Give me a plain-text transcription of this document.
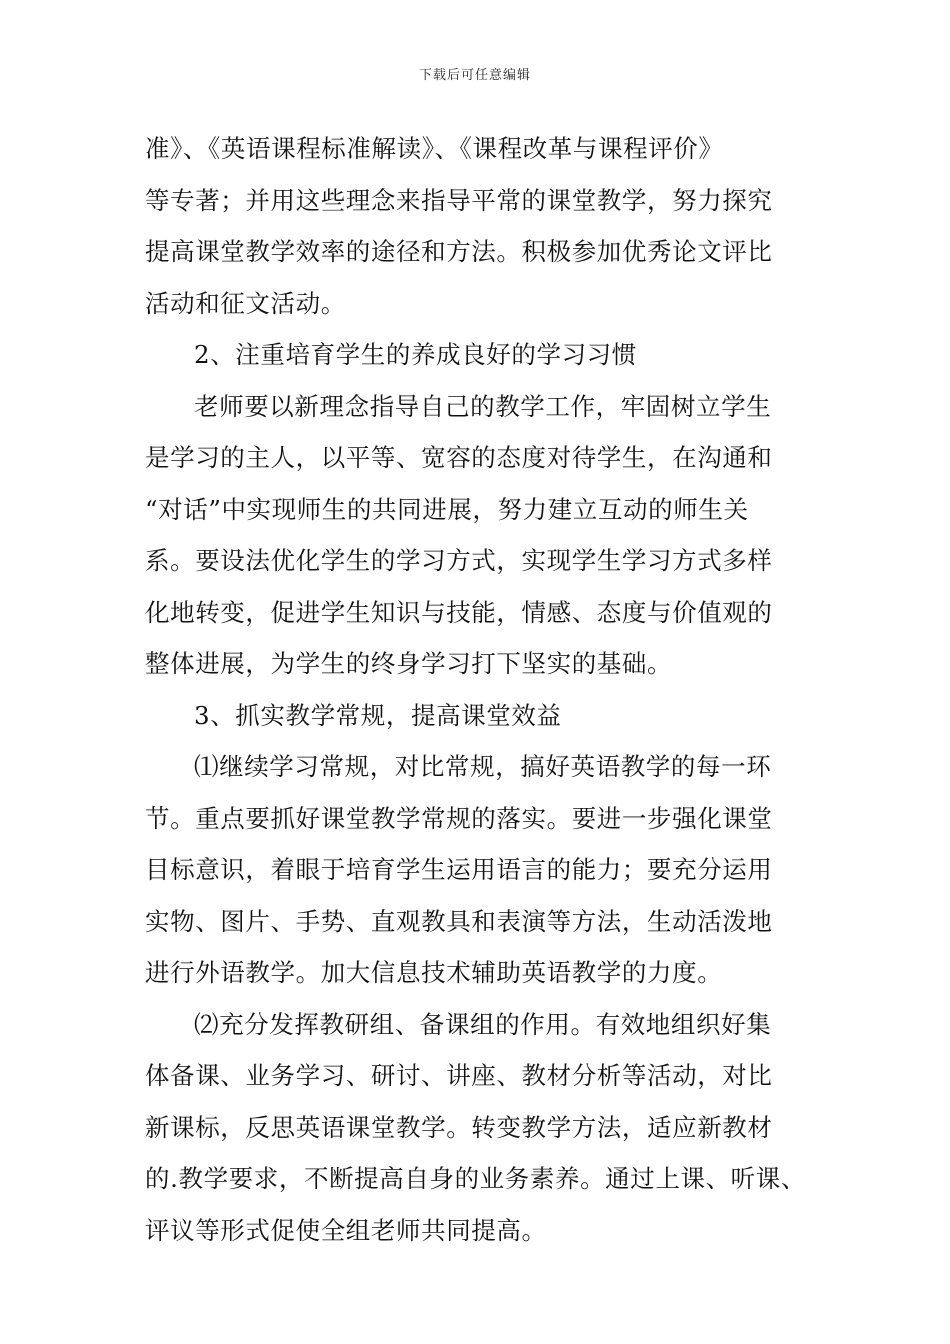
下载后可任意编辑
准》、《英语课程标准解读》、《课程改革与课程评价》
等专著；并用这些理念来指导平常的课堂教学，努力探究
提高课堂教学效率的途径和方法。积极参加优秀论文评比
活动和征文活动。
2、注重培育学生的养成良好的学习习惯
老师要以新理念指导自己的教学工作，牢固树立学生
是学习的主人，以平等、宽容的态度对待学生，在沟通和
“对话”中实现师生的共同进展，努力建立互动的师生关
系。要设法优化学生的学习方式，实现学生学习方式多样
化地转变，促进学生知识与技能，情感、态度与价值观的
整体进展，为学生的终身学习打下坚实的基础。
3、抓实教学常规，提高课堂效益
⑴继续学习常规，对比常规，搞好英语教学的每一环
节。重点要抓好课堂教学常规的落实。要进一步强化课堂
目标意识，着眼于培育学生运用语言的能力；要充分运用
实物、图片、手势、直观教具和表演等方法，生动活泼地
进行外语教学。加大信息技术辅助英语教学的力度。
⑵充分发挥教研组、备课组的作用。有效地组织好集
体备课、业务学习、研讨、讲座、教材分析等活动，对比
新课标，反思英语课堂教学。转变教学方法，适应新教材
的.教学要求，不断提高自身的业务素养。通过上课、听课、
评议等形式促使全组老师共同提高。
